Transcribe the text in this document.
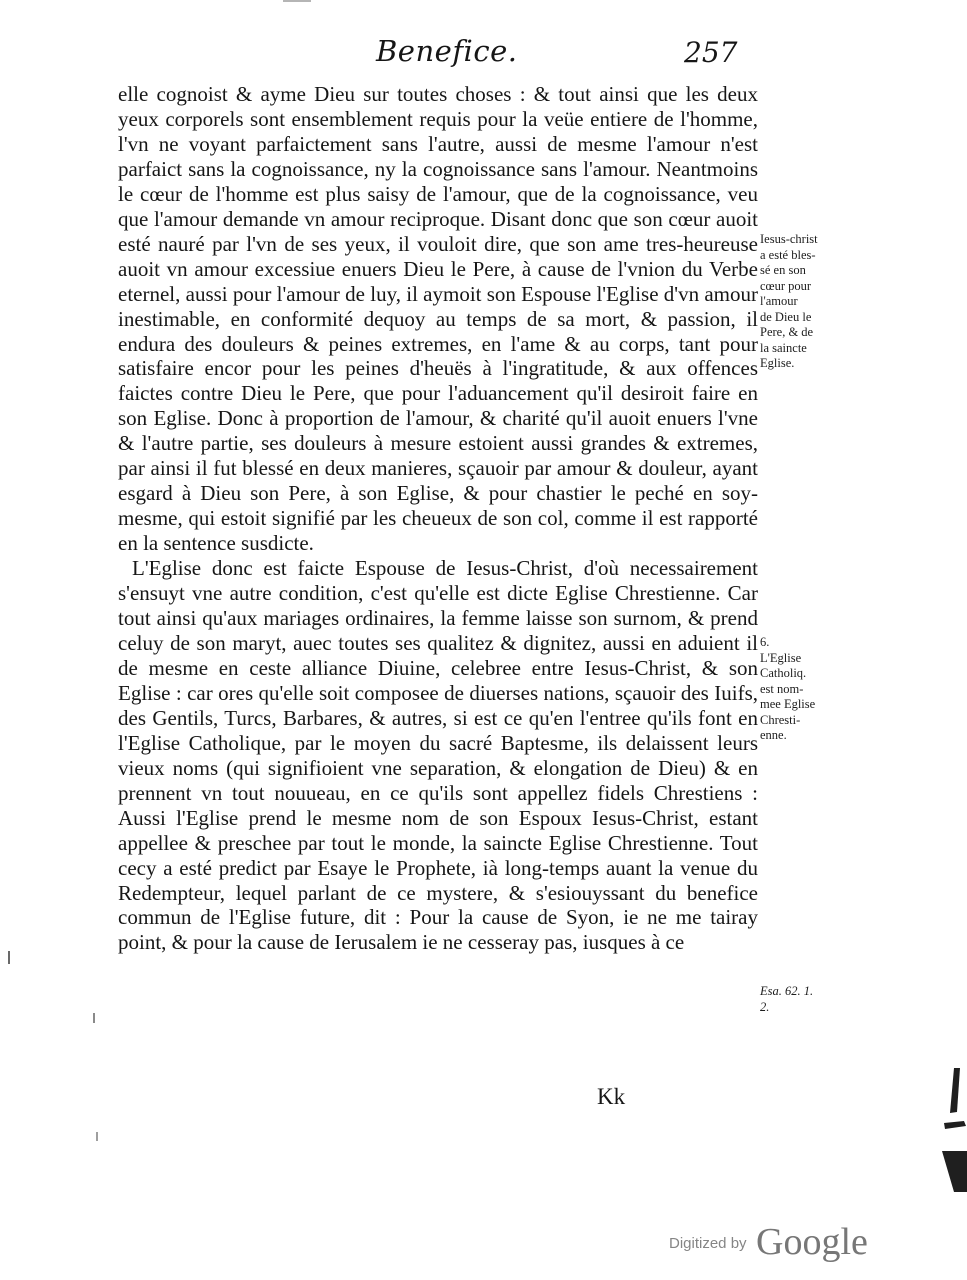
Benefice.	257

elle cognoist & ayme Dieu sur toutes choses : & tout ainsi que les deux yeux corporels sont ensemblement requis pour la veüe entiere de l'homme, l'vn ne voyant parfaictement sans l'autre, aussi de mesme l'amour n'est parfaict sans la cognoissance, ny la cognoissance sans l'amour. Neantmoins le cœur de l'homme est plus saisy de l'amour, que de la cognoissance, veu que l'amour demande vn amour reciproque. Disant donc que son cœur auoit esté nauré par l'vn de ses yeux, il vouloit dire, que son ame tres-heureuse auoit vn amour excessiue enuers Dieu le Pere, à cause de l'vnion du Verbe eternel, aussi pour l'amour de luy, il aymoit son Espouse l'Eglise d'vn amour inestimable, en conformité dequoy au temps de sa mort, & passion, il endura des douleurs & peines extremes, en l'ame & au corps, tant pour satisfaire encor pour les peines d'heuës à l'ingratitude, & aux offences faictes contre Dieu le Pere, que pour l'aduancement qu'il desiroit faire en son Eglise. Donc à proportion de l'amour, & charité qu'il auoit enuers l'vne & l'autre partie, ses douleurs à mesure estoient aussi grandes & extremes, par ainsi il fut blessé en deux manieres, sçauoir par amour & douleur, ayant esgard à Dieu son Pere, à son Eglise, & pour chastier le peché en soy-mesme, qui estoit signifié par les cheueux de son col, comme il est rapporté en la sentence susdicte.

L'Eglise donc est faicte Espouse de Iesus-Christ, d'où necessairement s'ensuyt vne autre condition, c'est qu'elle est dicte Eglise Chrestienne. Car tout ainsi qu'aux mariages ordinaires, la femme laisse son surnom, & prend celuy de son maryt, auec toutes ses qualitez & dignitez, aussi en aduient il de mesme en ceste alliance Diuine, celebree entre Iesus-Christ, & son Eglise : car ores qu'elle soit composee de diuerses nations, sçauoir des Iuifs, des Gentils, Turcs, Barbares, & autres, si est ce qu'en l'entree qu'ils font en l'Eglise Catholique, par le moyen du sacré Baptesme, ils delaissent leurs vieux noms (qui signifioient vne separation, & elongation de Dieu) & en prennent vn tout nouueau, en ce qu'ils sont appellez fidels Chrestiens : Aussi l'Eglise prend le mesme nom de son Espoux Iesus-Christ, estant appellee & preschee par tout le monde, la saincte Eglise Chrestienne. Tout cecy a esté predict par Esaye le Prophete, ià long-temps auant la venue du Redempteur, lequel parlant de ce mystere, & s'esiouyssant du benefice commun de l'Eglise future, dit : Pour la cause de Syon, ie ne me tairay point, & pour la cause de Ierusalem ie ne cesseray pas, iusques à ce

Iesus-christ
a esté bles-
sé en son
cœur pour
l'amour
de Dieu le
Pere, & de
la saincte
Eglise.
6.
L'Eglise
Catholiq.
est nom-
mee Eglise
Chresti-
enne.
Esa. 62. 1.
2.
Kk
Digitized by Google
